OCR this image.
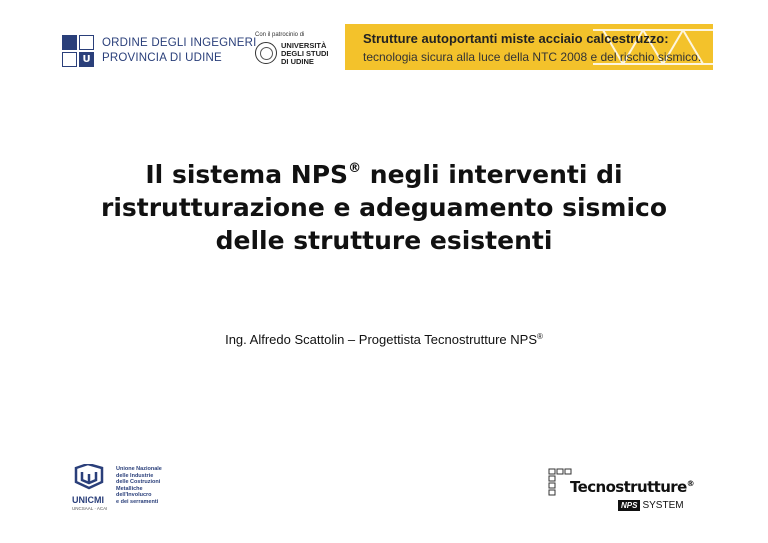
U
ORDINE DEGLI INGEGNERI
PROVINCIA DI UDINE
Con il patrocinio di
UNIVERSITÀ
DEGLI STUDI
DI UDINE
Strutture autoportanti miste acciaio calcestruzzo:
tecnologia sicura alla luce della NTC 2008 e del rischio sismico.
Il sistema NPS® negli interventi di
ristrutturazione e adeguamento sismico
delle strutture esistenti
Ing. Alfredo Scattolin – Progettista Tecnostrutture NPS®
UNICMI
UNCSAAL · ACAI
Unione Nazionale
delle Industrie
delle Costruzioni
Metalliche
dell'Involucro
e dei serramenti
Tecnostrutture®
NPS SYSTEM
